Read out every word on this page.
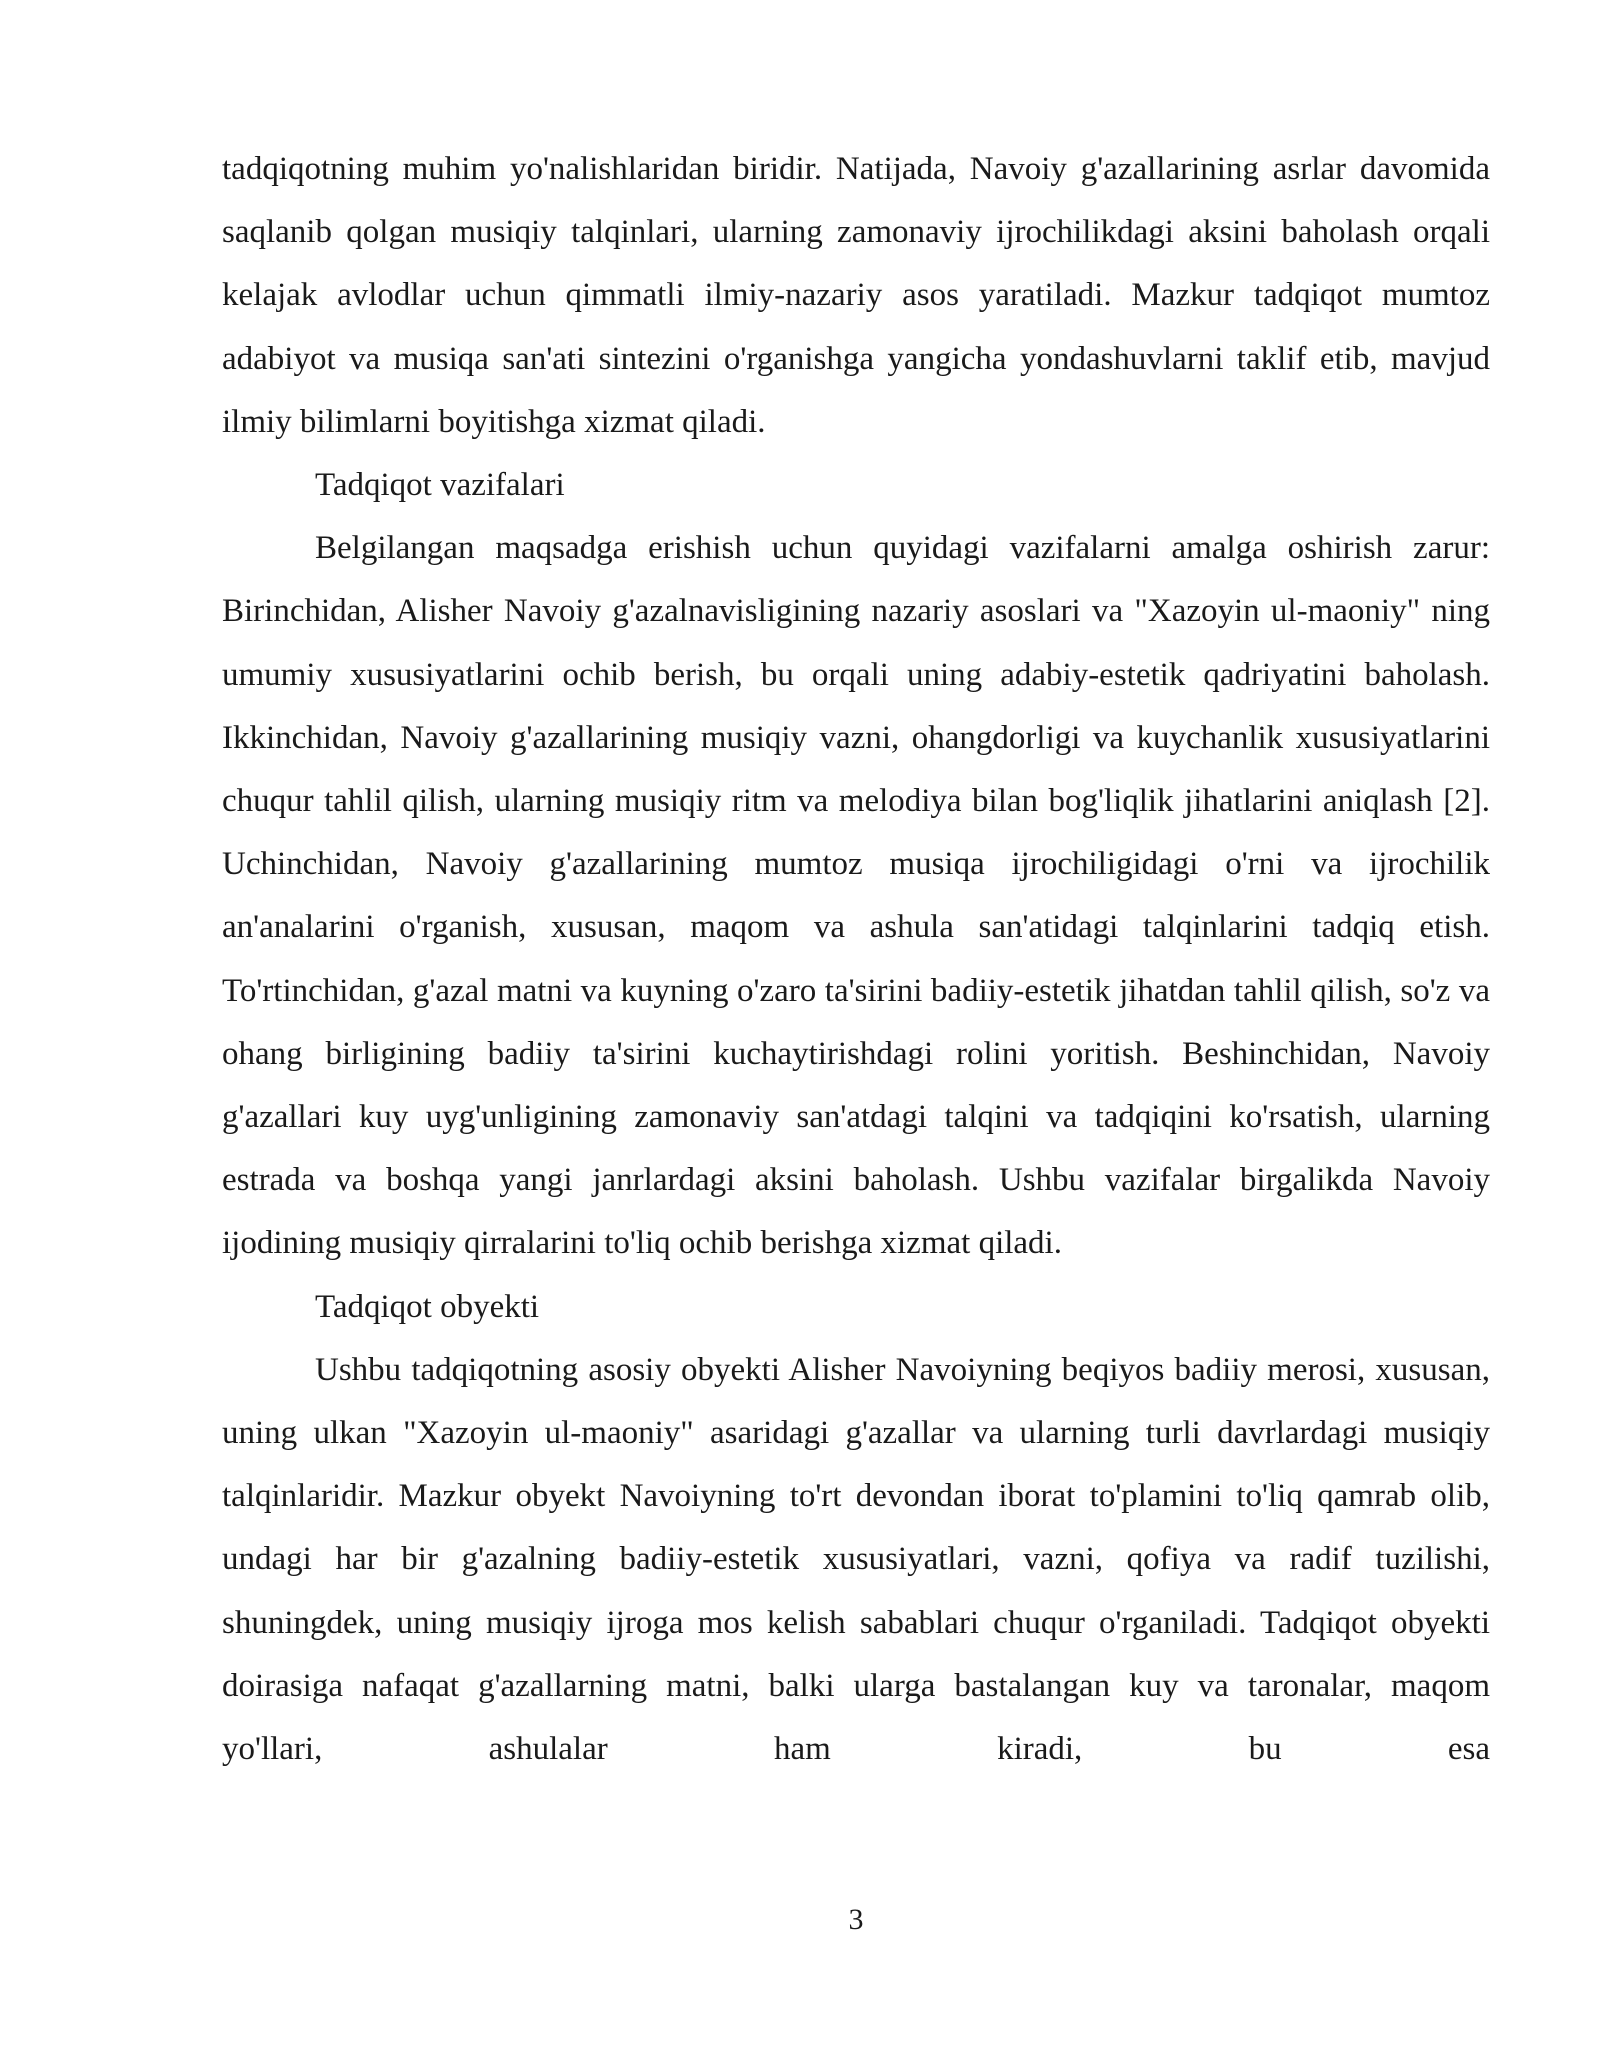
tadqiqotning muhim yo'nalishlaridan biridir. Natijada, Navoiy g'azallarining asrlar davomida saqlanib qolgan musiqiy talqinlari, ularning zamonaviy ijrochilikdagi aksini baholash orqali kelajak avlodlar uchun qimmatli ilmiy-nazariy asos yaratiladi. Mazkur tadqiqot mumtoz adabiyot va musiqa san'ati sintezini o'rganishga yangicha yondashuvlarni taklif etib, mavjud ilmiy bilimlarni boyitishga xizmat qiladi.

Tadqiqot vazifalari

Belgilangan maqsadga erishish uchun quyidagi vazifalarni amalga oshirish zarur: Birinchidan, Alisher Navoiy g'azalnavisligining nazariy asoslari va "Xazoyin ul-maoniy" ning umumiy xususiyatlarini ochib berish, bu orqali uning adabiy-estetik qadriyatini baholash. Ikkinchidan, Navoiy g'azallarining musiqiy vazni, ohangdorligi va kuychanlik xususiyatlarini chuqur tahlil qilish, ularning musiqiy ritm va melodiya bilan bog'liqlik jihatlarini aniqlash [2]. Uchinchidan, Navoiy g'azallarining mumtoz musiqa ijrochiligidagi o'rni va ijrochilik an'analarini o'rganish, xususan, maqom va ashula san'atidagi talqinlarini tadqiq etish. To'rtinchidan, g'azal matni va kuyning o'zaro ta'sirini badiiy-estetik jihatdan tahlil qilish, so'z va ohang birligining badiiy ta'sirini kuchaytirishdagi rolini yoritish. Beshinchidan, Navoiy g'azallari kuy uyg'unligining zamonaviy san'atdagi talqini va tadqiqini ko'rsatish, ularning estrada va boshqa yangi janrlardagi aksini baholash. Ushbu vazifalar birgalikda Navoiy ijodining musiqiy qirralarini to'liq ochib berishga xizmat qiladi.

Tadqiqot obyekti

Ushbu tadqiqotning asosiy obyekti Alisher Navoiyning beqiyos badiiy merosi, xususan, uning ulkan "Xazoyin ul-maoniy" asaridagi g'azallar va ularning turli davrlardagi musiqiy talqinlaridir. Mazkur obyekt Navoiyning to'rt devondan iborat to'plamini to'liq qamrab olib, undagi har bir g'azalning badiiy-estetik xususiyatlari, vazni, qofiya va radif tuzilishi, shuningdek, uning musiqiy ijroga mos kelish sabablari chuqur o'rganiladi. Tadqiqot obyekti doirasiga nafaqat g'azallarning matni, balki ularga bastalangan kuy va taronalar, maqom yo'llari, ashulalar ham kiradi, bu esa

3
